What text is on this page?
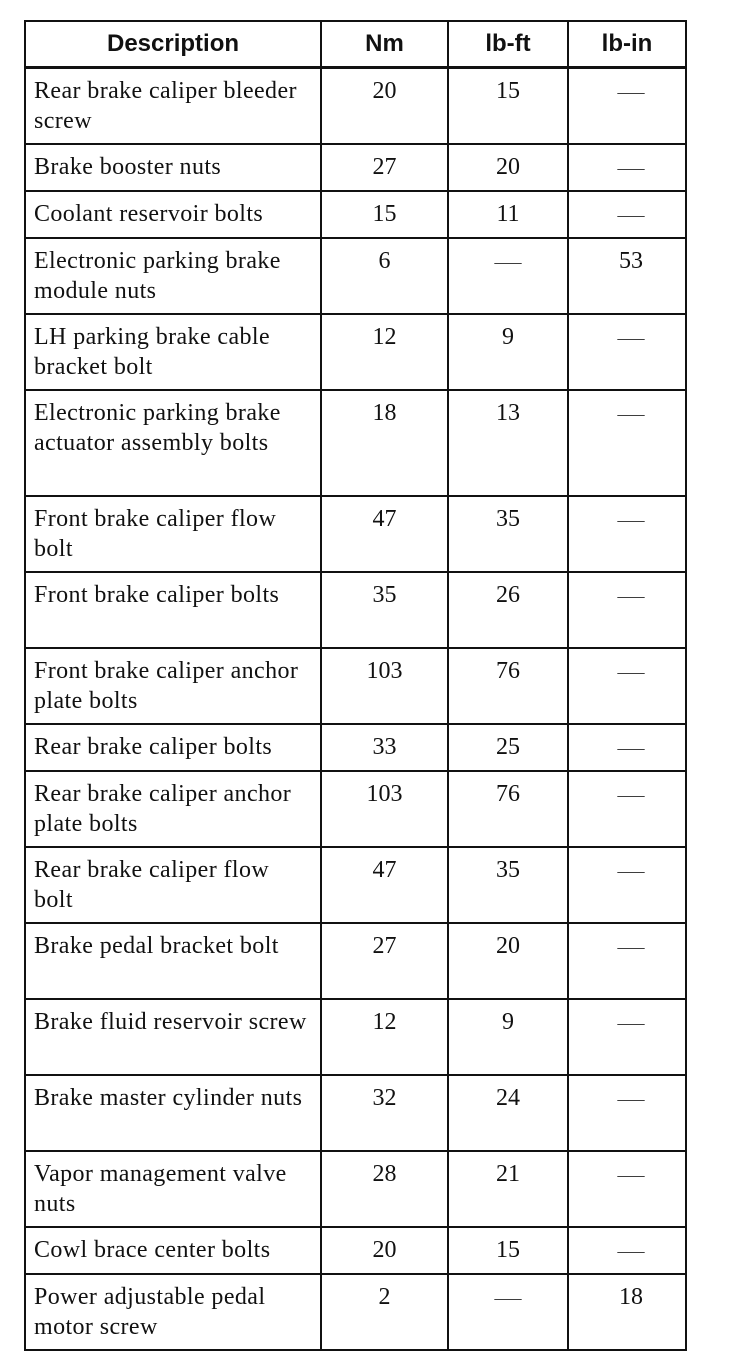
Description	Nm	lb-ft	lb-in
Rear brake caliper bleeder screw	20	15	—
Brake booster nuts	27	20	—
Coolant reservoir bolts	15	11	—
Electronic parking brake module nuts	6	—	53
LH parking brake cable bracket bolt	12	9	—
Electronic parking brake actuator assembly bolts	18	13	—
Front brake caliper flow bolt	47	35	—
Front brake caliper bolts	35	26	—
Front brake caliper anchor plate bolts	103	76	—
Rear brake caliper bolts	33	25	—
Rear brake caliper anchor plate bolts	103	76	—
Rear brake caliper flow bolt	47	35	—
Brake pedal bracket bolt	27	20	—
Brake fluid reservoir screw	12	9	—
Brake master cylinder nuts	32	24	—
Vapor management valve nuts	28	21	—
Cowl brace center bolts	20	15	—
Power adjustable pedal motor screw	2	—	18
